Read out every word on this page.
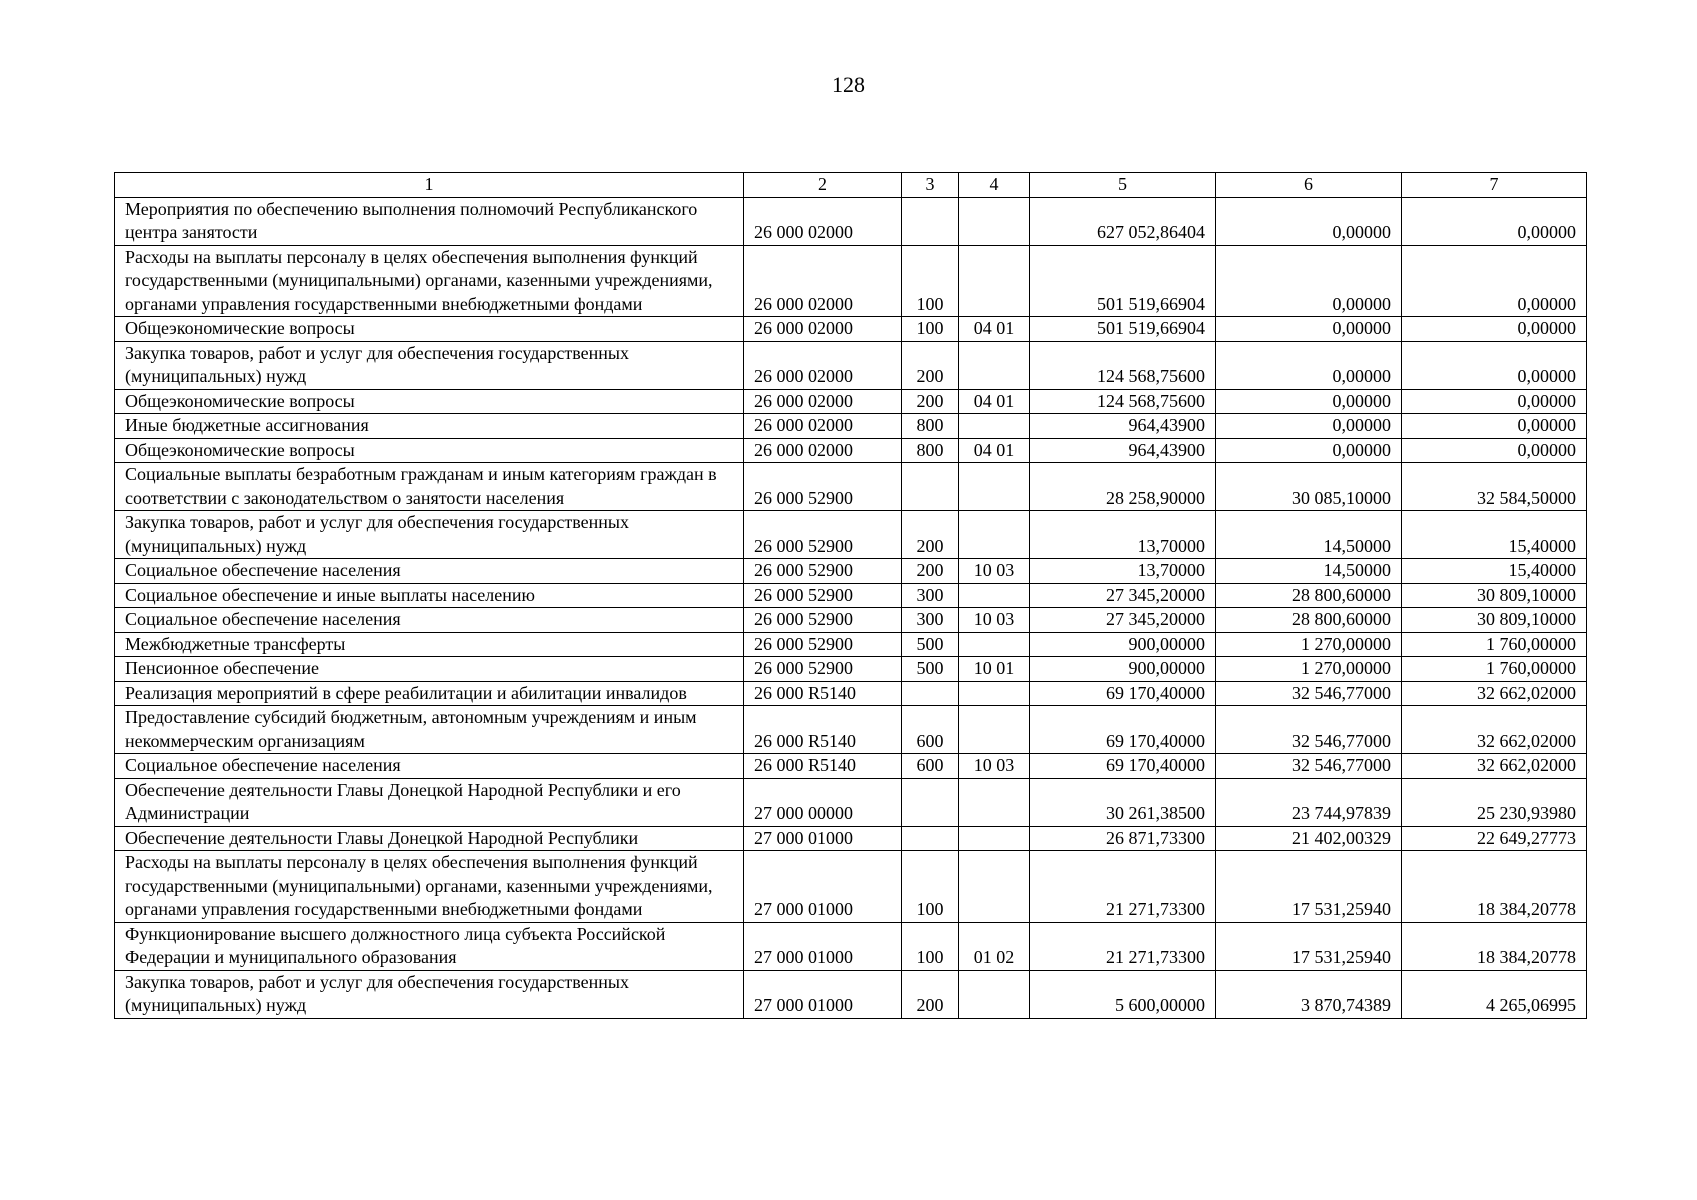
128
1	2	3	4	5	6	7
Мероприятия по обеспечению выполнения полномочий Республиканского центра занятости	26 000 02000			627 052,86404	0,00000	0,00000
Расходы на выплаты персоналу в целях обеспечения выполнения функций государственными (муниципальными) органами, казенными учреждениями, органами управления государственными внебюджетными фондами	26 000 02000	100		501 519,66904	0,00000	0,00000
Общеэкономические вопросы	26 000 02000	100	04 01	501 519,66904	0,00000	0,00000
Закупка товаров, работ и услуг для обеспечения государственных (муниципальных) нужд	26 000 02000	200		124 568,75600	0,00000	0,00000
Общеэкономические вопросы	26 000 02000	200	04 01	124 568,75600	0,00000	0,00000
Иные бюджетные ассигнования	26 000 02000	800		964,43900	0,00000	0,00000
Общеэкономические вопросы	26 000 02000	800	04 01	964,43900	0,00000	0,00000
Социальные выплаты безработным гражданам и иным категориям граждан в соответствии с законодательством о занятости населения	26 000 52900			28 258,90000	30 085,10000	32 584,50000
Закупка товаров, работ и услуг для обеспечения государственных (муниципальных) нужд	26 000 52900	200		13,70000	14,50000	15,40000
Социальное обеспечение населения	26 000 52900	200	10 03	13,70000	14,50000	15,40000
Социальное обеспечение и иные выплаты населению	26 000 52900	300		27 345,20000	28 800,60000	30 809,10000
Социальное обеспечение населения	26 000 52900	300	10 03	27 345,20000	28 800,60000	30 809,10000
Межбюджетные трансферты	26 000 52900	500		900,00000	1 270,00000	1 760,00000
Пенсионное обеспечение	26 000 52900	500	10 01	900,00000	1 270,00000	1 760,00000
Реализация мероприятий в сфере реабилитации и абилитации инвалидов	26 000 R5140			69 170,40000	32 546,77000	32 662,02000
Предоставление субсидий бюджетным, автономным учреждениям и иным некоммерческим организациям	26 000 R5140	600		69 170,40000	32 546,77000	32 662,02000
Социальное обеспечение населения	26 000 R5140	600	10 03	69 170,40000	32 546,77000	32 662,02000
Обеспечение деятельности Главы Донецкой Народной Республики и его Администрации	27 000 00000			30 261,38500	23 744,97839	25 230,93980
Обеспечение деятельности Главы Донецкой Народной Республики	27 000 01000			26 871,73300	21 402,00329	22 649,27773
Расходы на выплаты персоналу в целях обеспечения выполнения функций государственными (муниципальными) органами, казенными учреждениями, органами управления государственными внебюджетными фондами	27 000 01000	100		21 271,73300	17 531,25940	18 384,20778
Функционирование высшего должностного лица субъекта Российской Федерации и муниципального образования	27 000 01000	100	01 02	21 271,73300	17 531,25940	18 384,20778
Закупка товаров, работ и услуг для обеспечения государственных (муниципальных) нужд	27 000 01000	200		5 600,00000	3 870,74389	4 265,06995
